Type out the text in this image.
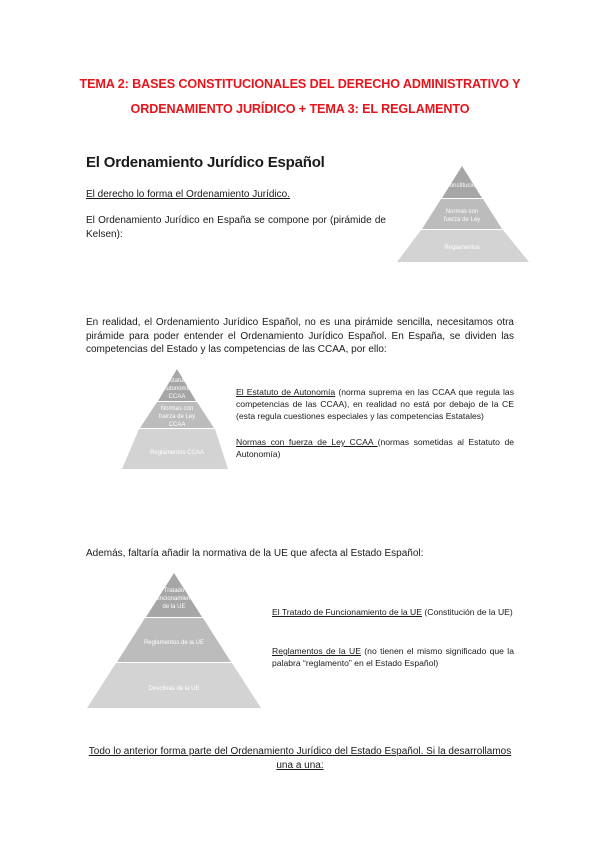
TEMA 2: BASES CONSTITUCIONALES DEL DERECHO ADMINISTRATIVO Y
ORDENAMIENTO JURÍDICO + TEMA 3: EL REGLAMENTO
El Ordenamiento Jurídico Español
El derecho lo forma el Ordenamiento Jurídico.
El Ordenamiento Jurídico en España se compone por (pirámide de Kelsen):
Constitución
Normas con
fuerza de Ley
Reglamentos
En realidad, el Ordenamiento Jurídico Español, no es una pirámide sencilla, necesitamos otra pirámide para poder entender el Ordenamiento Jurídico Español. En España, se dividen las competencias del Estado y las competencias de las CCAA, por ello:
Estatuto
Autonomía
CCAA
Normas con
fuerza de Ley
CCAA
Reglamentos CCAA
El Estatuto de Autonomía (norma suprema en las CCAA que regula las competencias de las CCAA), en realidad no está por debajo de la CE (esta regula cuestiones especiales y las competencias Estatales)
Normas con fuerza de Ley CCAA (normas sometidas al Estatuto de Autonomía)
Además, faltaría añadir la normativa de la UE que afecta al Estado Español:
Tratado
Funcionamiento
de la UE
Reglamentos de la UE
Directivas de la UE
El Tratado de Funcionamiento de la UE (Constitución de la UE)
Reglamentos de la UE (no tienen el mismo significado que la palabra “reglamento” en el Estado Español)
Todo lo anterior forma parte del Ordenamiento Jurídico del Estado Español. Si la desarrollamos una a una:
